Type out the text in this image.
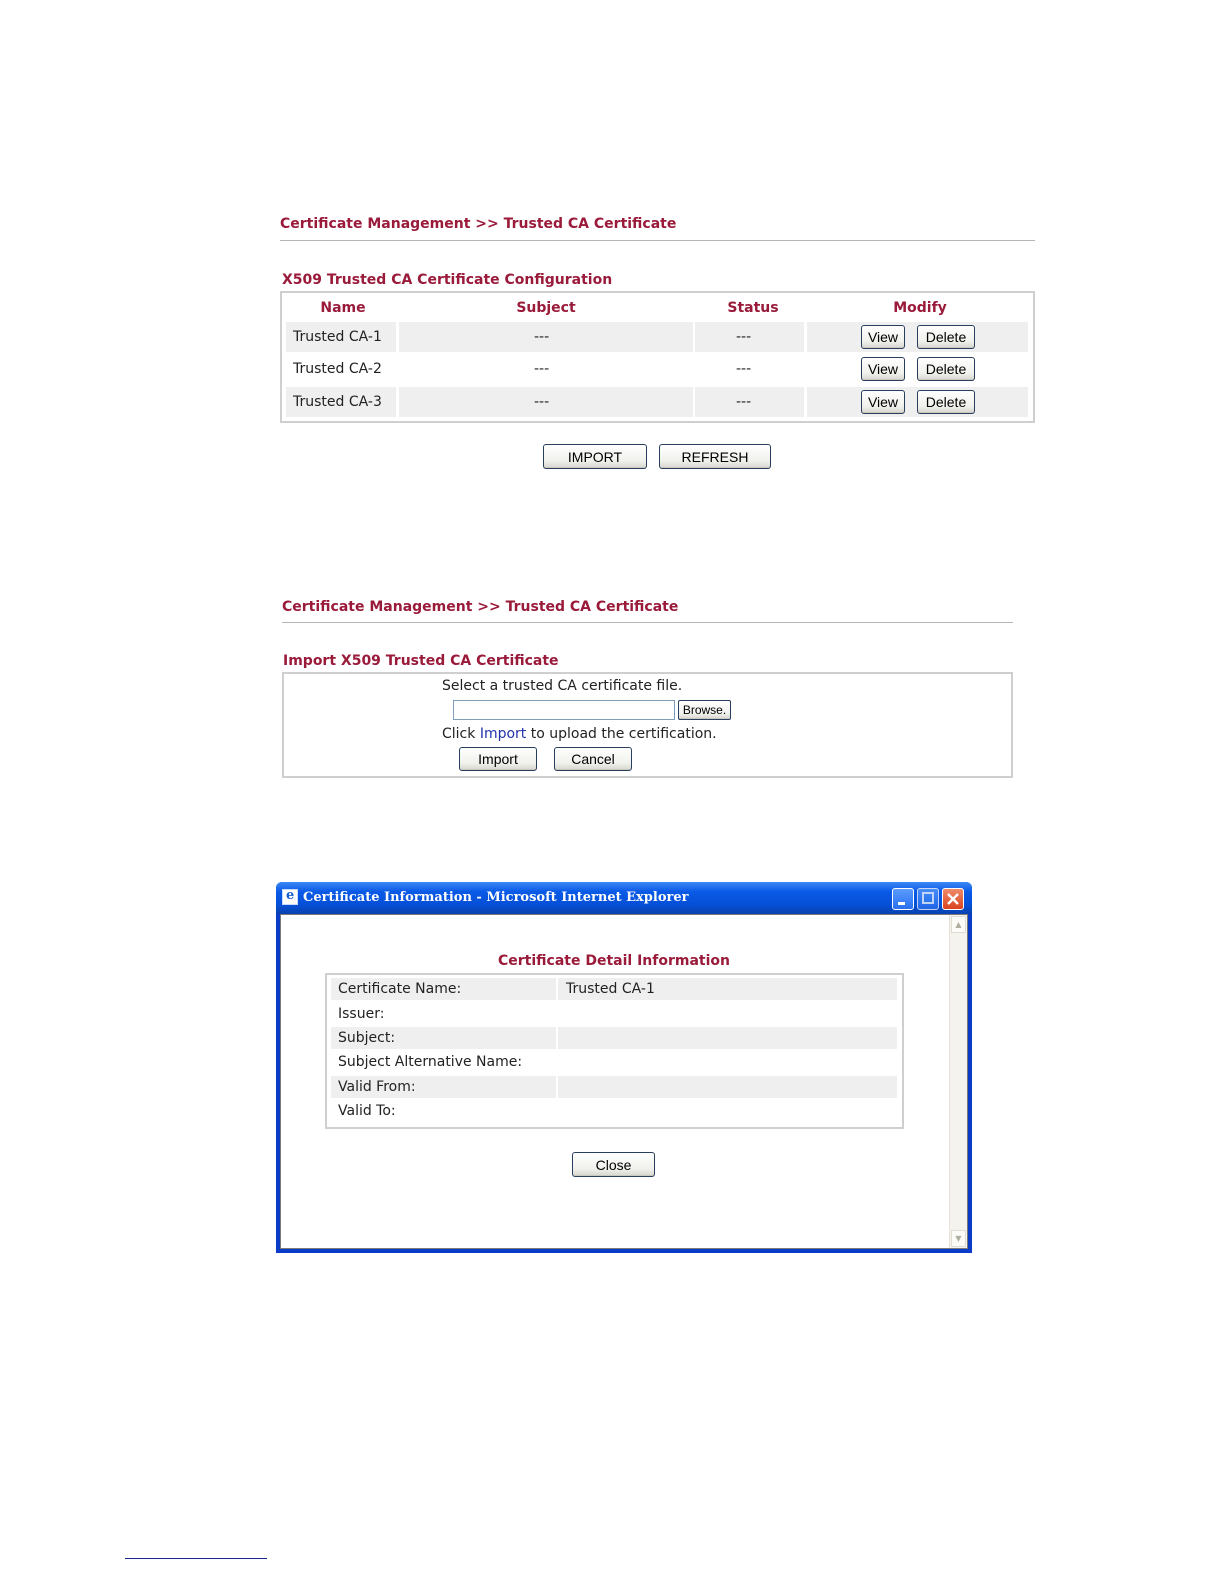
Certificate Management >> Trusted CA Certificate
X509 Trusted CA Certificate Configuration
Name	Subject	Status	Modify
Trusted CA-1	---	---	View	Delete
Trusted CA-2	---	---	View	Delete
Trusted CA-3	---	---	View	Delete
IMPORT	REFRESH
Certificate Management >> Trusted CA Certificate
Import X509 Trusted CA Certificate
Select a trusted CA certificate file.
Browse.
Click Import to upload the certification.
Import	Cancel
e
Certificate Information - Microsoft Internet Explorer
▲
▼
Certificate Detail Information
Certificate Name:	Trusted CA-1
Issuer:
Subject:
Subject Alternative Name:
Valid From:
Valid To:
Close
